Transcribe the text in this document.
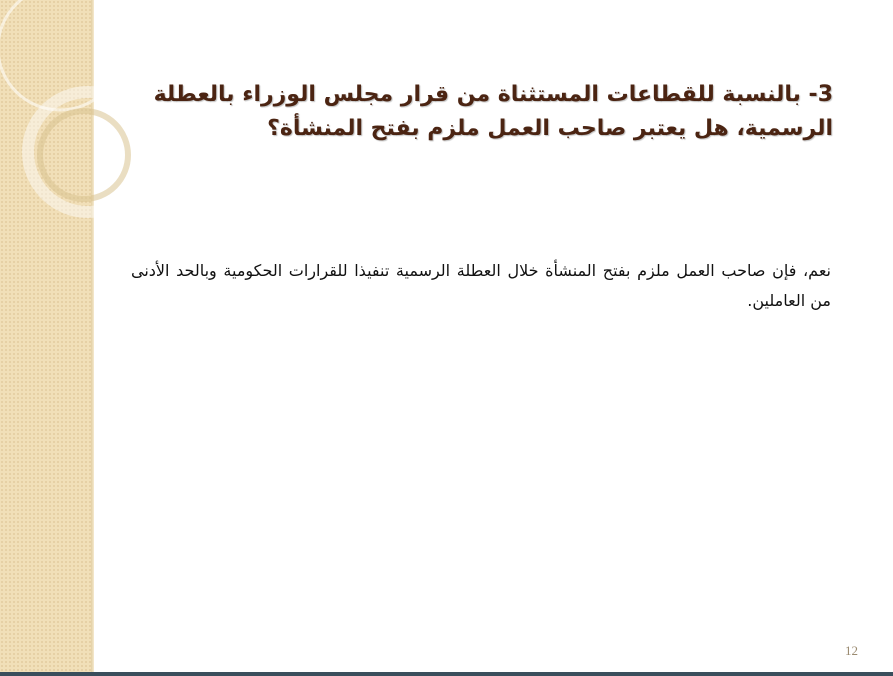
3- بالنسبة للقطاعات المستثناة من قرار مجلس الوزراء بالعطلة الرسمية، هل يعتبر صاحب العمل ملزم بفتح المنشأة؟

نعم، فإن صاحب العمل ملزم بفتح المنشأة خلال العطلة الرسمية تنفيذا للقرارات الحكومية وبالحد الأدنى من العاملين.

12
